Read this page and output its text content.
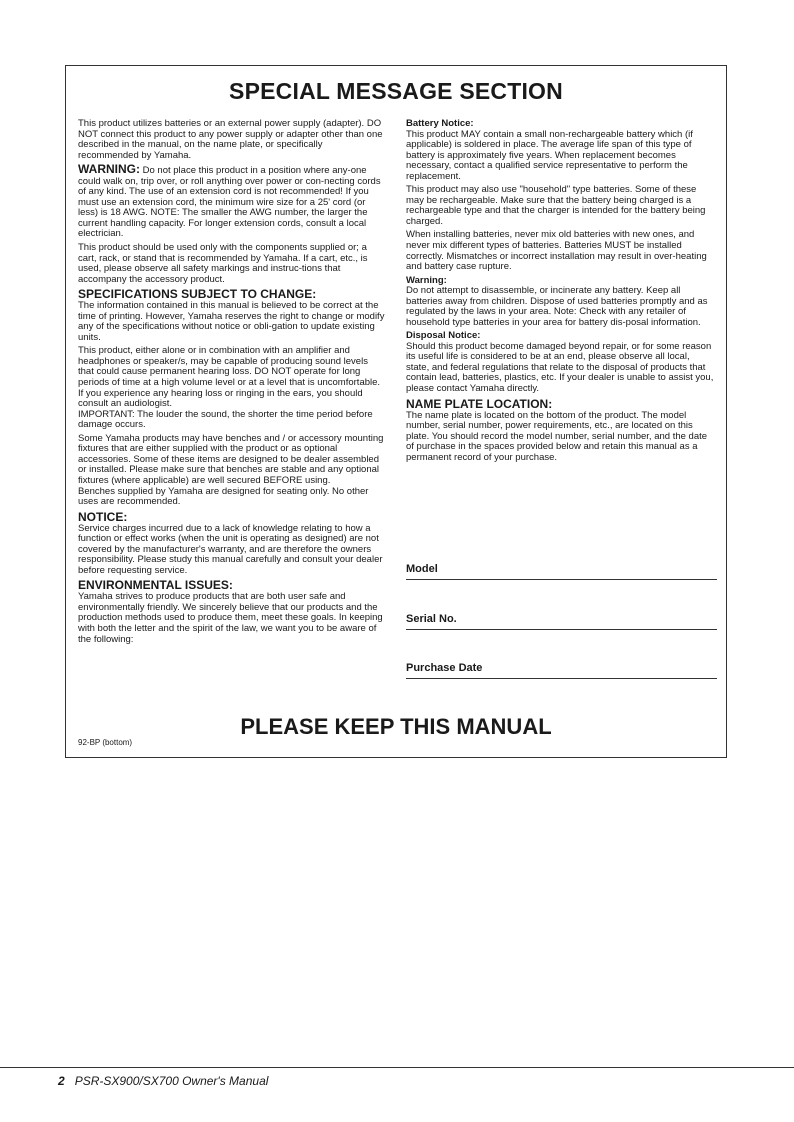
SPECIAL MESSAGE SECTION

This product utilizes batteries or an external power supply (adapter). DO NOT connect this product to any power supply or adapter other than one described in the manual, on the name plate, or specifically recommended by Yamaha.

WARNING: Do not place this product in a position where any-one could walk on, trip over, or roll anything over power or con-necting cords of any kind. The use of an extension cord is not recommended! If you must use an extension cord, the minimum wire size for a 25' cord (or less) is 18 AWG. NOTE: The smaller the AWG number, the larger the current handling capacity. For longer extension cords, consult a local electrician.

This product should be used only with the components supplied or; a cart, rack, or stand that is recommended by Yamaha. If a cart, etc., is used, please observe all safety markings and instruc-tions that accompany the accessory product.

SPECIFICATIONS SUBJECT TO CHANGE:

The information contained in this manual is believed to be correct at the time of printing. However, Yamaha reserves the right to change or modify any of the specifications without notice or obli-gation to update existing units.

This product, either alone or in combination with an amplifier and headphones or speaker/s, may be capable of producing sound levels that could cause permanent hearing loss. DO NOT operate for long periods of time at a high volume level or at a level that is uncomfortable. If you experience any hearing loss or ringing in the ears, you should consult an audiologist.

IMPORTANT: The louder the sound, the shorter the time period before damage occurs.

Some Yamaha products may have benches and / or accessory mounting fixtures that are either supplied with the product or as optional accessories. Some of these items are designed to be dealer assembled or installed. Please make sure that benches are stable and any optional fixtures (where applicable) are well secured BEFORE using.

Benches supplied by Yamaha are designed for seating only. No other uses are recommended.

NOTICE:

Service charges incurred due to a lack of knowledge relating to how a function or effect works (when the unit is operating as designed) are not covered by the manufacturer's warranty, and are therefore the owners responsibility. Please study this manual carefully and consult your dealer before requesting service.

ENVIRONMENTAL ISSUES:

Yamaha strives to produce products that are both user safe and environmentally friendly. We sincerely believe that our products and the production methods used to produce them, meet these goals. In keeping with both the letter and the spirit of the law, we want you to be aware of the following:

Battery Notice:

This product MAY contain a small non-rechargeable battery which (if applicable) is soldered in place. The average life span of this type of battery is approximately five years. When replacement becomes necessary, contact a qualified service representative to perform the replacement.

This product may also use "household" type batteries. Some of these may be rechargeable. Make sure that the battery being charged is a rechargeable type and that the charger is intended for the battery being charged.

When installing batteries, never mix old batteries with new ones, and never mix different types of batteries. Batteries MUST be installed correctly. Mismatches or incorrect installation may result in over-heating and battery case rupture.

Warning:

Do not attempt to disassemble, or incinerate any battery. Keep all batteries away from children. Dispose of used batteries promptly and as regulated by the laws in your area. Note: Check with any retailer of household type batteries in your area for battery dis-posal information.

Disposal Notice:

Should this product become damaged beyond repair, or for some reason its useful life is considered to be at an end, please observe all local, state, and federal regulations that relate to the disposal of products that contain lead, batteries, plastics, etc. If your dealer is unable to assist you, please contact Yamaha directly.

NAME PLATE LOCATION:

The name plate is located on the bottom of the product. The model number, serial number, power requirements, etc., are located on this plate. You should record the model number, serial number, and the date of purchase in the spaces provided below and retain this manual as a permanent record of your purchase.

Model
Serial No.
Purchase Date
PLEASE KEEP THIS MANUAL
92-BP (bottom)
2 PSR-SX900/SX700 Owner's Manual
